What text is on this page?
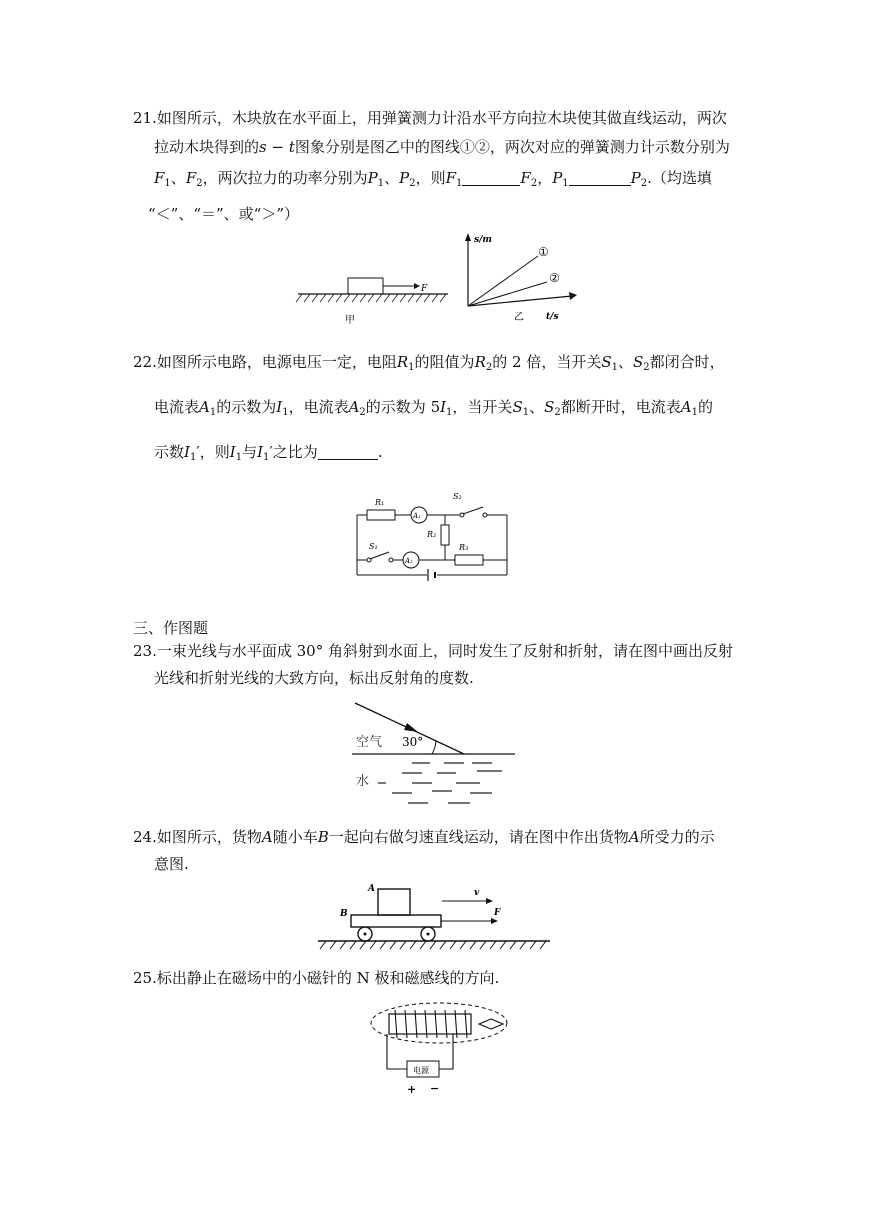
21.如图所示，木块放在水平面上，用弹簧测力计沿水平方向拉木块使其做直线运动，两次
拉动木块得到的s − t图象分别是图乙中的图线①②，两次对应的弹簧测力计示数分别为
$F_1$、$F_2$，两次拉力的功率分别为$P_1$、$P_2$，则$F_1$	$F_2$，$P_1$	$P_2$.（均选填
“＜”、“＝”、或“＞”）
F
甲
s/m
t/s
①
②
乙
22.如图所示电路，电源电压一定，电阻$R_1$的阻值为$R_2$的 2 倍，当开关$S_1$、$S_2$都闭合时，
电流表$A_1$的示数为$I_1$，电流表$A_2$的示数为 $5I_1$，当开关$S_1$、$S_2$都断开时，电流表$A_1$的
示数$I_1'$，则$I_1$与$I_1'$之比为	.
R₁
A₁
S₂
R₂
S₁
A₂
R₃
三、作图题
23.一束光线与水平面成 30° 角斜射到水面上，同时发生了反射和折射，请在图中画出反射
光线和折射光线的大致方向，标出反射角的度数.
30°
空气
水
24.如图所示，货物A随小车B一起向右做匀速直线运动，请在图中作出货物A所受力的示
意图.
A
B
v
F
25.标出静止在磁场中的小磁针的 N 极和磁感线的方向.
电源
+ −
